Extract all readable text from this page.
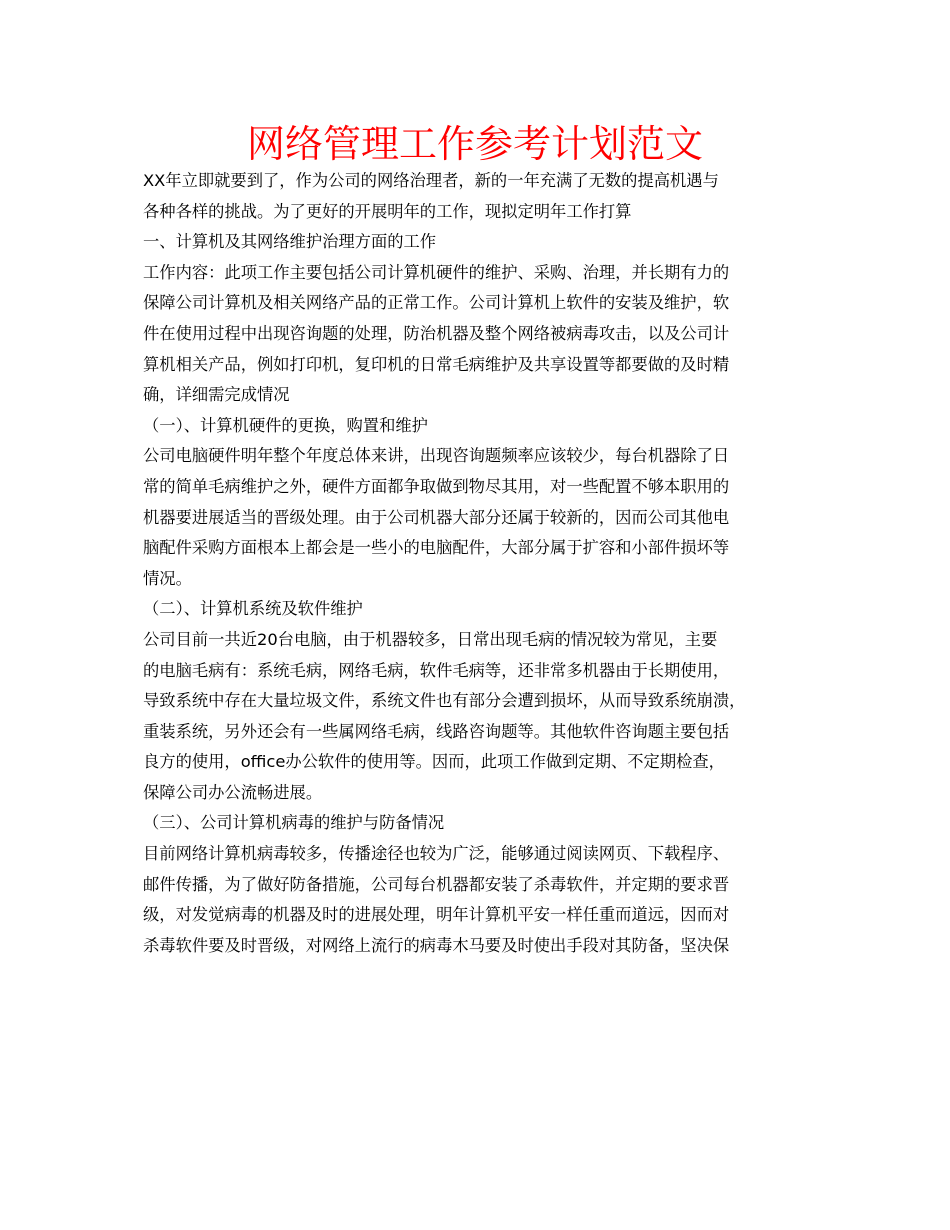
网络管理工作参考计划范文

XX年立即就要到了，作为公司的网络治理者，新的一年充满了无数的提高机遇与

各种各样的挑战。为了更好的开展明年的工作，现拟定明年工作打算

一、计算机及其网络维护治理方面的工作

工作内容：此项工作主要包括公司计算机硬件的维护、采购、治理，并长期有力的

保障公司计算机及相关网络产品的正常工作。公司计算机上软件的安装及维护，软

件在使用过程中出现咨询题的处理，防治机器及整个网络被病毒攻击，以及公司计

算机相关产品，例如打印机，复印机的日常毛病维护及共享设置等都要做的及时精

确，详细需完成情况

（一）、计算机硬件的更换，购置和维护

公司电脑硬件明年整个年度总体来讲，出现咨询题频率应该较少，每台机器除了日

常的简单毛病维护之外，硬件方面都争取做到物尽其用，对一些配置不够本职用的

机器要进展适当的晋级处理。由于公司机器大部分还属于较新的，因而公司其他电

脑配件采购方面根本上都会是一些小的电脑配件，大部分属于扩容和小部件损坏等

情况。

（二）、计算机系统及软件维护

公司目前一共近20台电脑，由于机器较多，日常出现毛病的情况较为常见，主要

的电脑毛病有：系统毛病，网络毛病，软件毛病等，还非常多机器由于长期使用，

导致系统中存在大量垃圾文件，系统文件也有部分会遭到损坏，从而导致系统崩溃，

重装系统，另外还会有一些属网络毛病，线路咨询题等。其他软件咨询题主要包括

良方的使用，office办公软件的使用等。因而，此项工作做到定期、不定期检查，

保障公司办公流畅进展。

（三）、公司计算机病毒的维护与防备情况

目前网络计算机病毒较多，传播途径也较为广泛，能够通过阅读网页、下载程序、

邮件传播，为了做好防备措施，公司每台机器都安装了杀毒软件，并定期的要求晋

级，对发觉病毒的机器及时的进展处理，明年计算机平安一样任重而道远，因而对

杀毒软件要及时晋级，对网络上流行的病毒木马要及时使出手段对其防备，坚决保
